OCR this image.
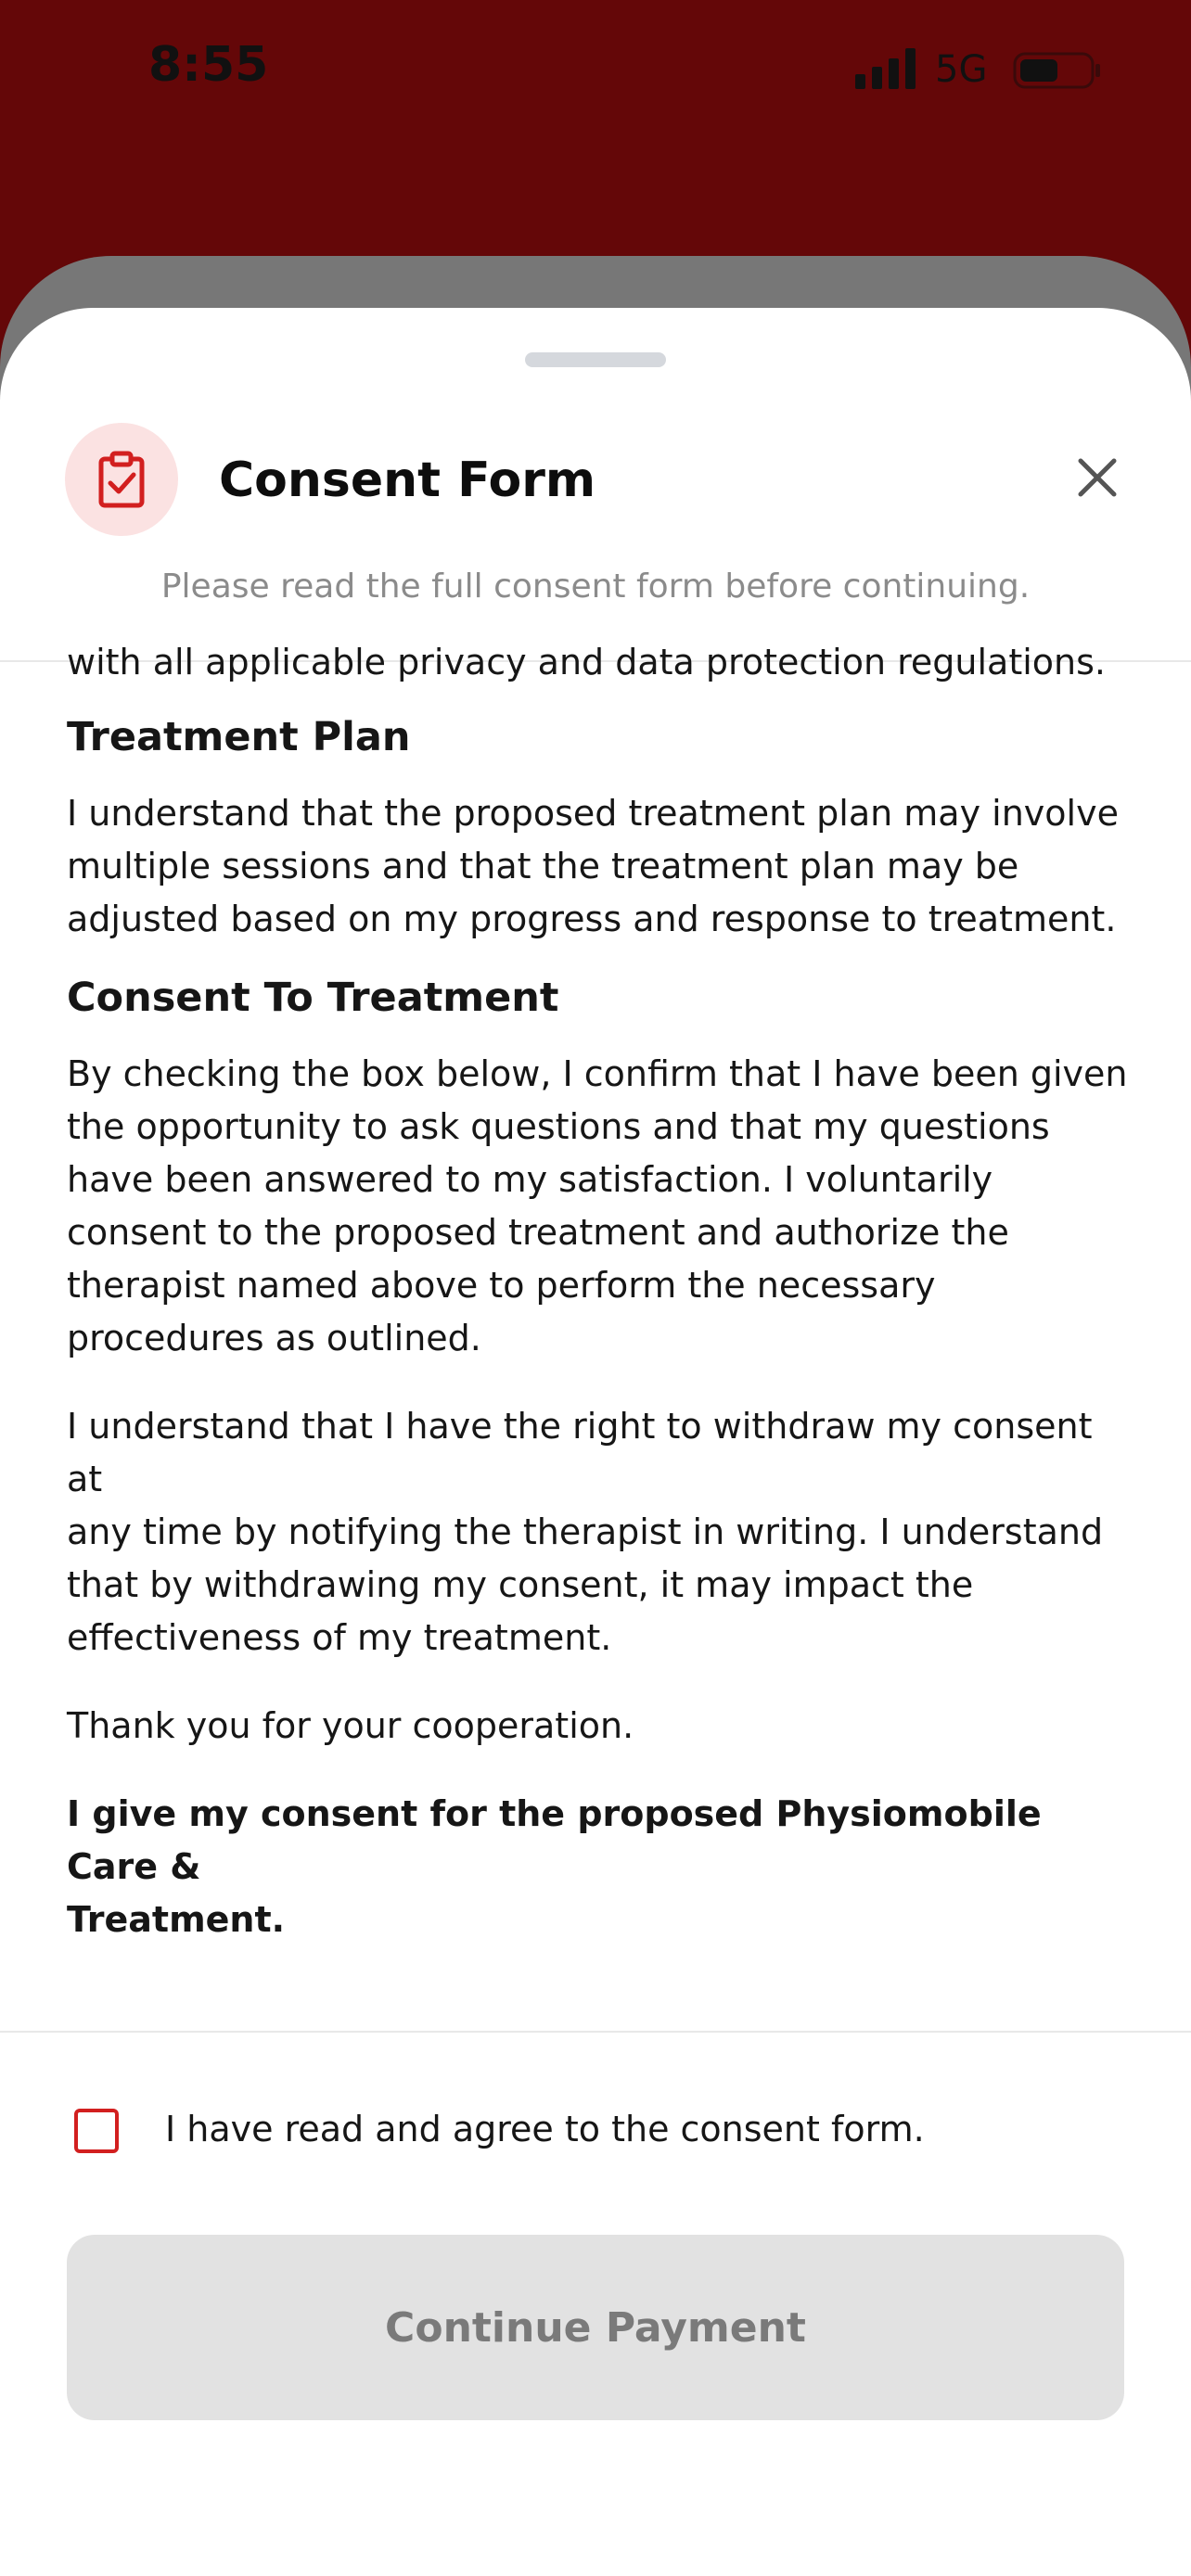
8:55	5G
Consent Form
Please read the full consent form before continuing.

with all applicable privacy and data protection regulations.

Treatment Plan

I understand that the proposed treatment plan may involve

multiple sessions and that the treatment plan may be

adjusted based on my progress and response to treatment.

Consent To Treatment

By checking the box below, I confirm that I have been given

the opportunity to ask questions and that my questions

have been answered to my satisfaction. I voluntarily

consent to the proposed treatment and authorize the

therapist named above to perform the necessary

procedures as outlined.

I understand that I have the right to withdraw my consent at

any time by notifying the therapist in writing. I understand

that by withdrawing my consent, it may impact the

effectiveness of my treatment.

Thank you for your cooperation.

I give my consent for the proposed Physiomobile Care &

Treatment.

I have read and agree to the consent form.
Continue Payment
